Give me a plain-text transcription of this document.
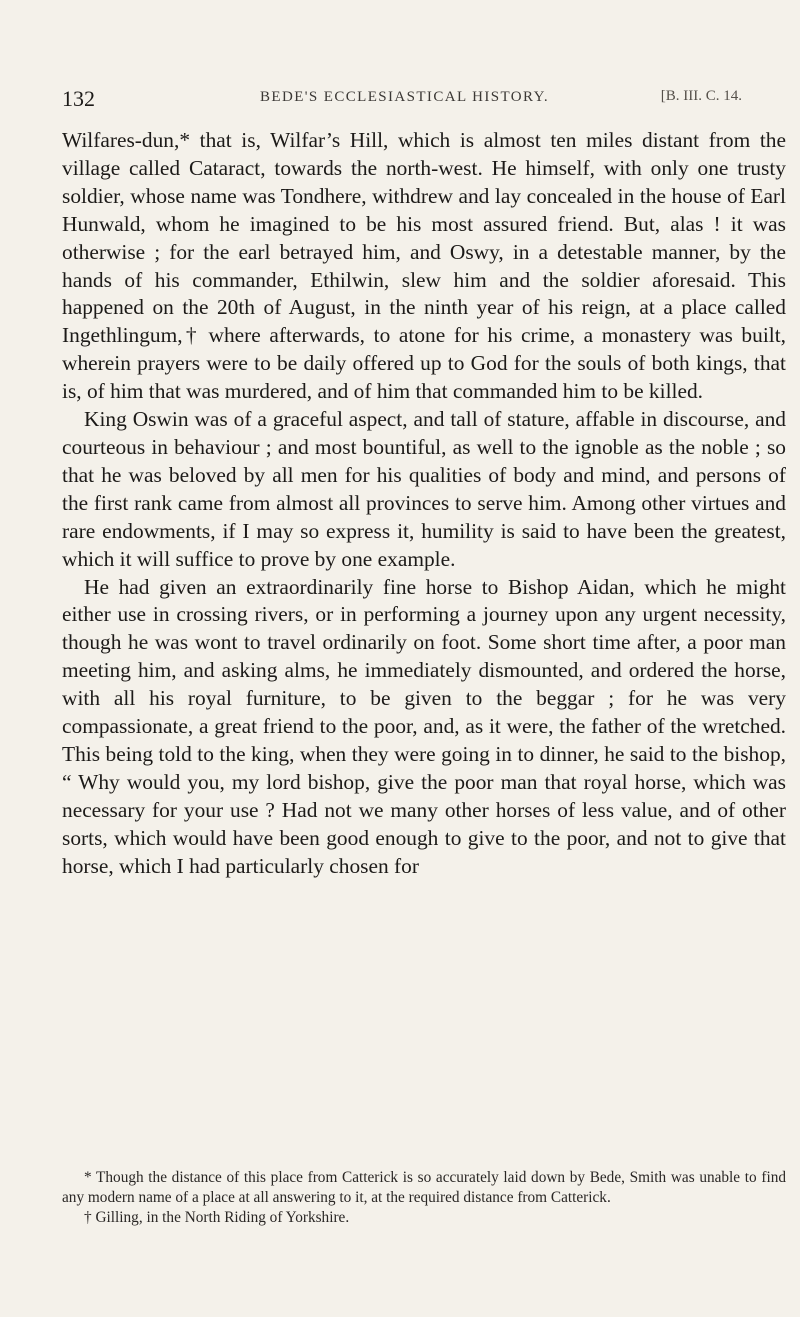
132	BEDE'S ECCLESIASTICAL HISTORY.	[B. III. C. 14.

Wilfares-dun,* that is, Wilfar’s Hill, which is almost ten miles distant from the village called Cataract, towards the north-west. He himself, with only one trusty soldier, whose name was Tondhere, withdrew and lay concealed in the house of Earl Hunwald, whom he imagined to be his most assured friend. But, alas ! it was otherwise ; for the earl betrayed him, and Oswy, in a detestable manner, by the hands of his commander, Ethilwin, slew him and the soldier aforesaid. This happened on the 20th of August, in the ninth year of his reign, at a place called Ingethlingum,† where afterwards, to atone for his crime, a monastery was built, wherein prayers were to be daily offered up to God for the souls of both kings, that is, of him that was murdered, and of him that commanded him to be killed.

King Oswin was of a graceful aspect, and tall of stature, affable in discourse, and courteous in behaviour ; and most bountiful, as well to the ignoble as the noble ; so that he was beloved by all men for his qualities of body and mind, and persons of the first rank came from almost all provinces to serve him. Among other virtues and rare endowments, if I may so express it, humility is said to have been the greatest, which it will suffice to prove by one example.

He had given an extraordinarily fine horse to Bishop Aidan, which he might either use in crossing rivers, or in performing a journey upon any urgent necessity, though he was wont to travel ordinarily on foot. Some short time after, a poor man meeting him, and asking alms, he immediately dismounted, and ordered the horse, with all his royal furniture, to be given to the beggar ; for he was very compassionate, a great friend to the poor, and, as it were, the father of the wretched. This being told to the king, when they were going in to dinner, he said to the bishop, “ Why would you, my lord bishop, give the poor man that royal horse, which was necessary for your use ? Had not we many other horses of less value, and of other sorts, which would have been good enough to give to the poor, and not to give that horse, which I had particularly chosen for

* Though the distance of this place from Catterick is so accurately laid down by Bede, Smith was unable to find any modern name of a place at all answering to it, at the required distance from Catterick.

† Gilling, in the North Riding of Yorkshire.
